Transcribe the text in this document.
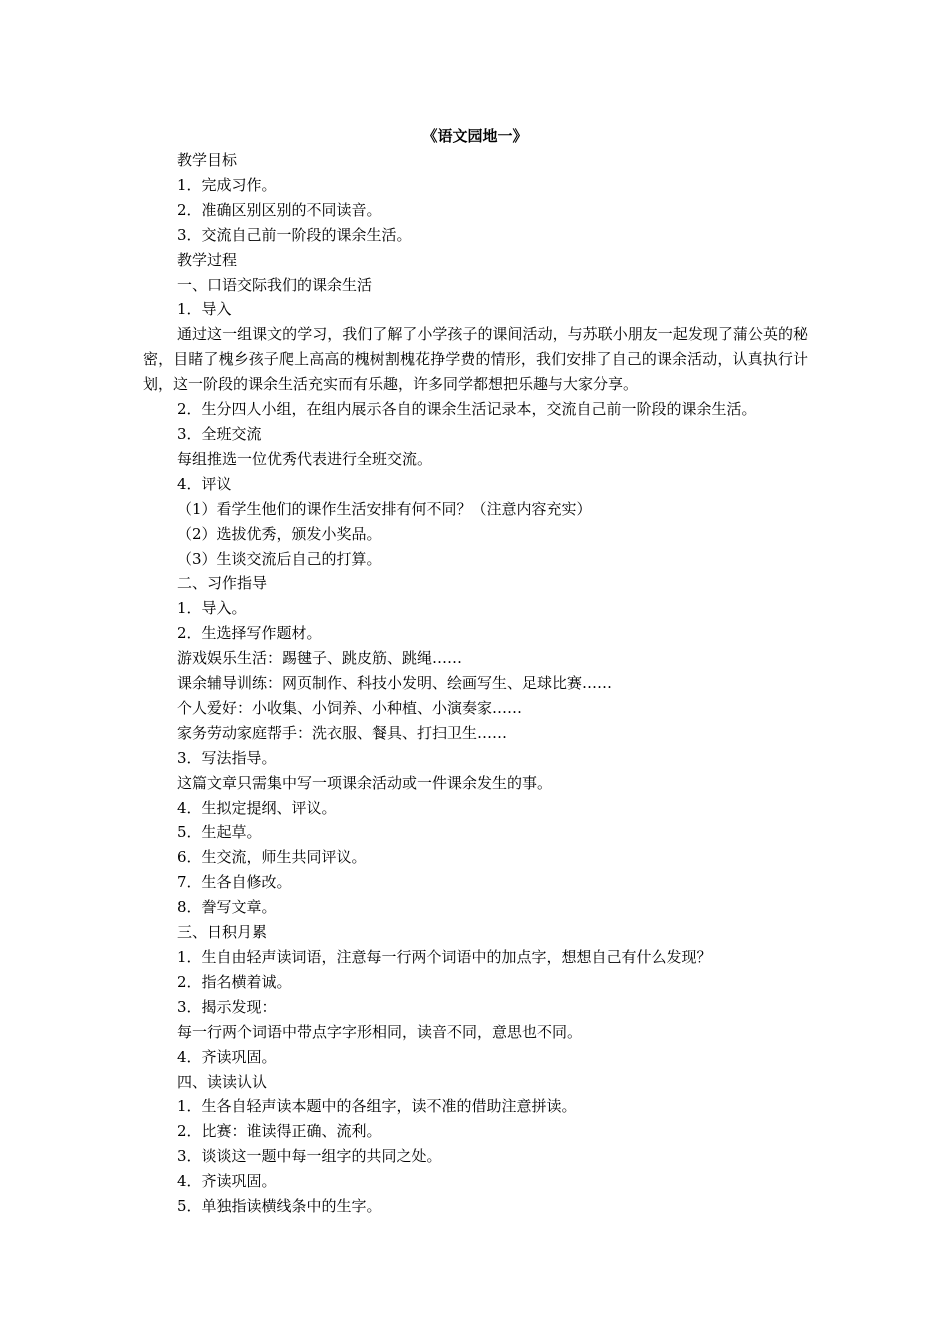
《语文园地一》

教学目标

1．完成习作。

2．准确区别区别的不同读音。

3．交流自己前一阶段的课余生活。

教学过程

一、口语交际我们的课余生活

1．导入

通过这一组课文的学习，我们了解了小学孩子的课间活动，与苏联小朋友一起发现了蒲公英的秘密，目睹了槐乡孩子爬上高高的槐树割槐花挣学费的情形，我们安排了自己的课余活动，认真执行计划，这一阶段的课余生活充实而有乐趣，许多同学都想把乐趣与大家分享。

2．生分四人小组，在组内展示各自的课余生活记录本，交流自己前一阶段的课余生活。

3．全班交流

每组推选一位优秀代表进行全班交流。

4．评议

（1）看学生他们的课作生活安排有何不同？（注意内容充实）

（2）选拔优秀，颁发小奖品。

（3）生谈交流后自己的打算。

二、习作指导

1．导入。

2．生选择写作题材。

游戏娱乐生活：踢毽子、跳皮筋、跳绳……

课余辅导训练：网页制作、科技小发明、绘画写生、足球比赛……

个人爱好：小收集、小饲养、小种植、小演奏家……

家务劳动家庭帮手：洗衣服、餐具、打扫卫生……

3．写法指导。

这篇文章只需集中写一项课余活动或一件课余发生的事。

4．生拟定提纲、评议。

5．生起草。

6．生交流，师生共同评议。

7．生各自修改。

8．誊写文章。

三、日积月累

1．生自由轻声读词语，注意每一行两个词语中的加点字，想想自己有什么发现？

2．指名横着诚。

3．揭示发现：

每一行两个词语中带点字字形相同，读音不同，意思也不同。

4．齐读巩固。

四、读读认认

1．生各自轻声读本题中的各组字，读不准的借助注意拼读。

2．比赛：谁读得正确、流利。

3．谈谈这一题中每一组字的共同之处。

4．齐读巩固。

5．单独指读横线条中的生字。
